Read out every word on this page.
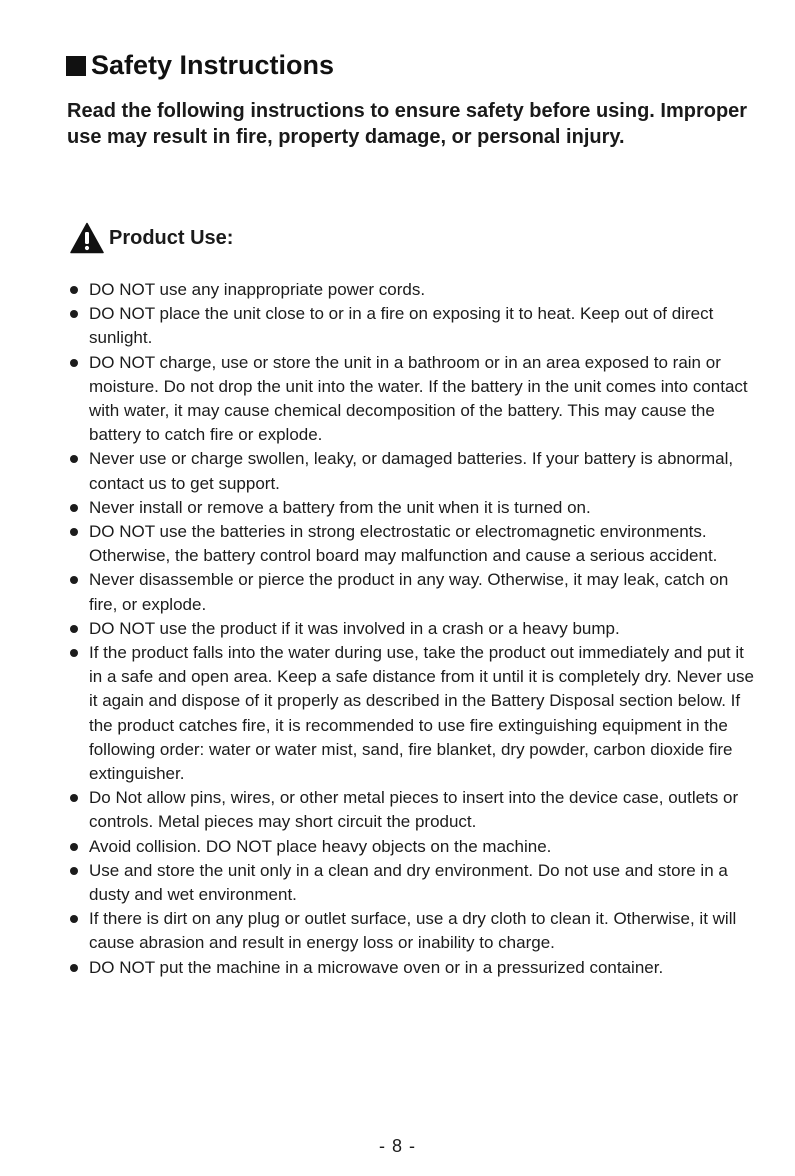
Safety Instructions

Read the following instructions to ensure safety before using. Improper use may result in fire, property damage, or personal injury.

Product Use:
DO NOT use any inappropriate power cords.
DO NOT place the unit close to or in a fire on exposing it to heat. Keep out of direct sunlight.
DO NOT charge, use or store the unit in a bathroom or in an area exposed to rain or moisture. Do not drop the unit into the water. If the battery in the unit comes into contact with water, it may cause chemical decomposition of the battery. This may cause the battery to catch fire or explode.
Never use or charge swollen, leaky, or damaged batteries. If your battery is abnormal, contact us to get support.
Never install or remove a battery from the unit when it is turned on.
DO NOT use the batteries in strong electrostatic or electromagnetic environments. Otherwise, the battery control board may malfunction and cause a serious accident.
Never disassemble or pierce the product in any way. Otherwise, it may leak, catch on fire, or explode.
DO NOT use the product if it was involved in a crash or a heavy bump.
If the product falls into the water during use, take the product out immediately and put it in a safe and open area. Keep a safe distance from it until it is completely dry. Never use it again and dispose of it properly as described in the Battery Disposal section below. If the product catches fire, it is recommended to use fire extinguishing equipment in the following order: water or water mist, sand, fire blanket, dry powder, carbon dioxide fire extinguisher.
Do Not allow pins, wires, or other metal pieces to insert into the device case, outlets or controls. Metal pieces may short circuit the product.
Avoid collision. DO NOT place heavy objects on the machine.
Use and store the unit only in a clean and dry environment. Do not use and store in a dusty and wet environment.
If there is dirt on any plug or outlet surface, use a dry cloth to clean it. Otherwise, it will cause abrasion and result in energy loss or inability to charge.
DO NOT put the machine in a microwave oven or in a pressurized container.
- 8 -
